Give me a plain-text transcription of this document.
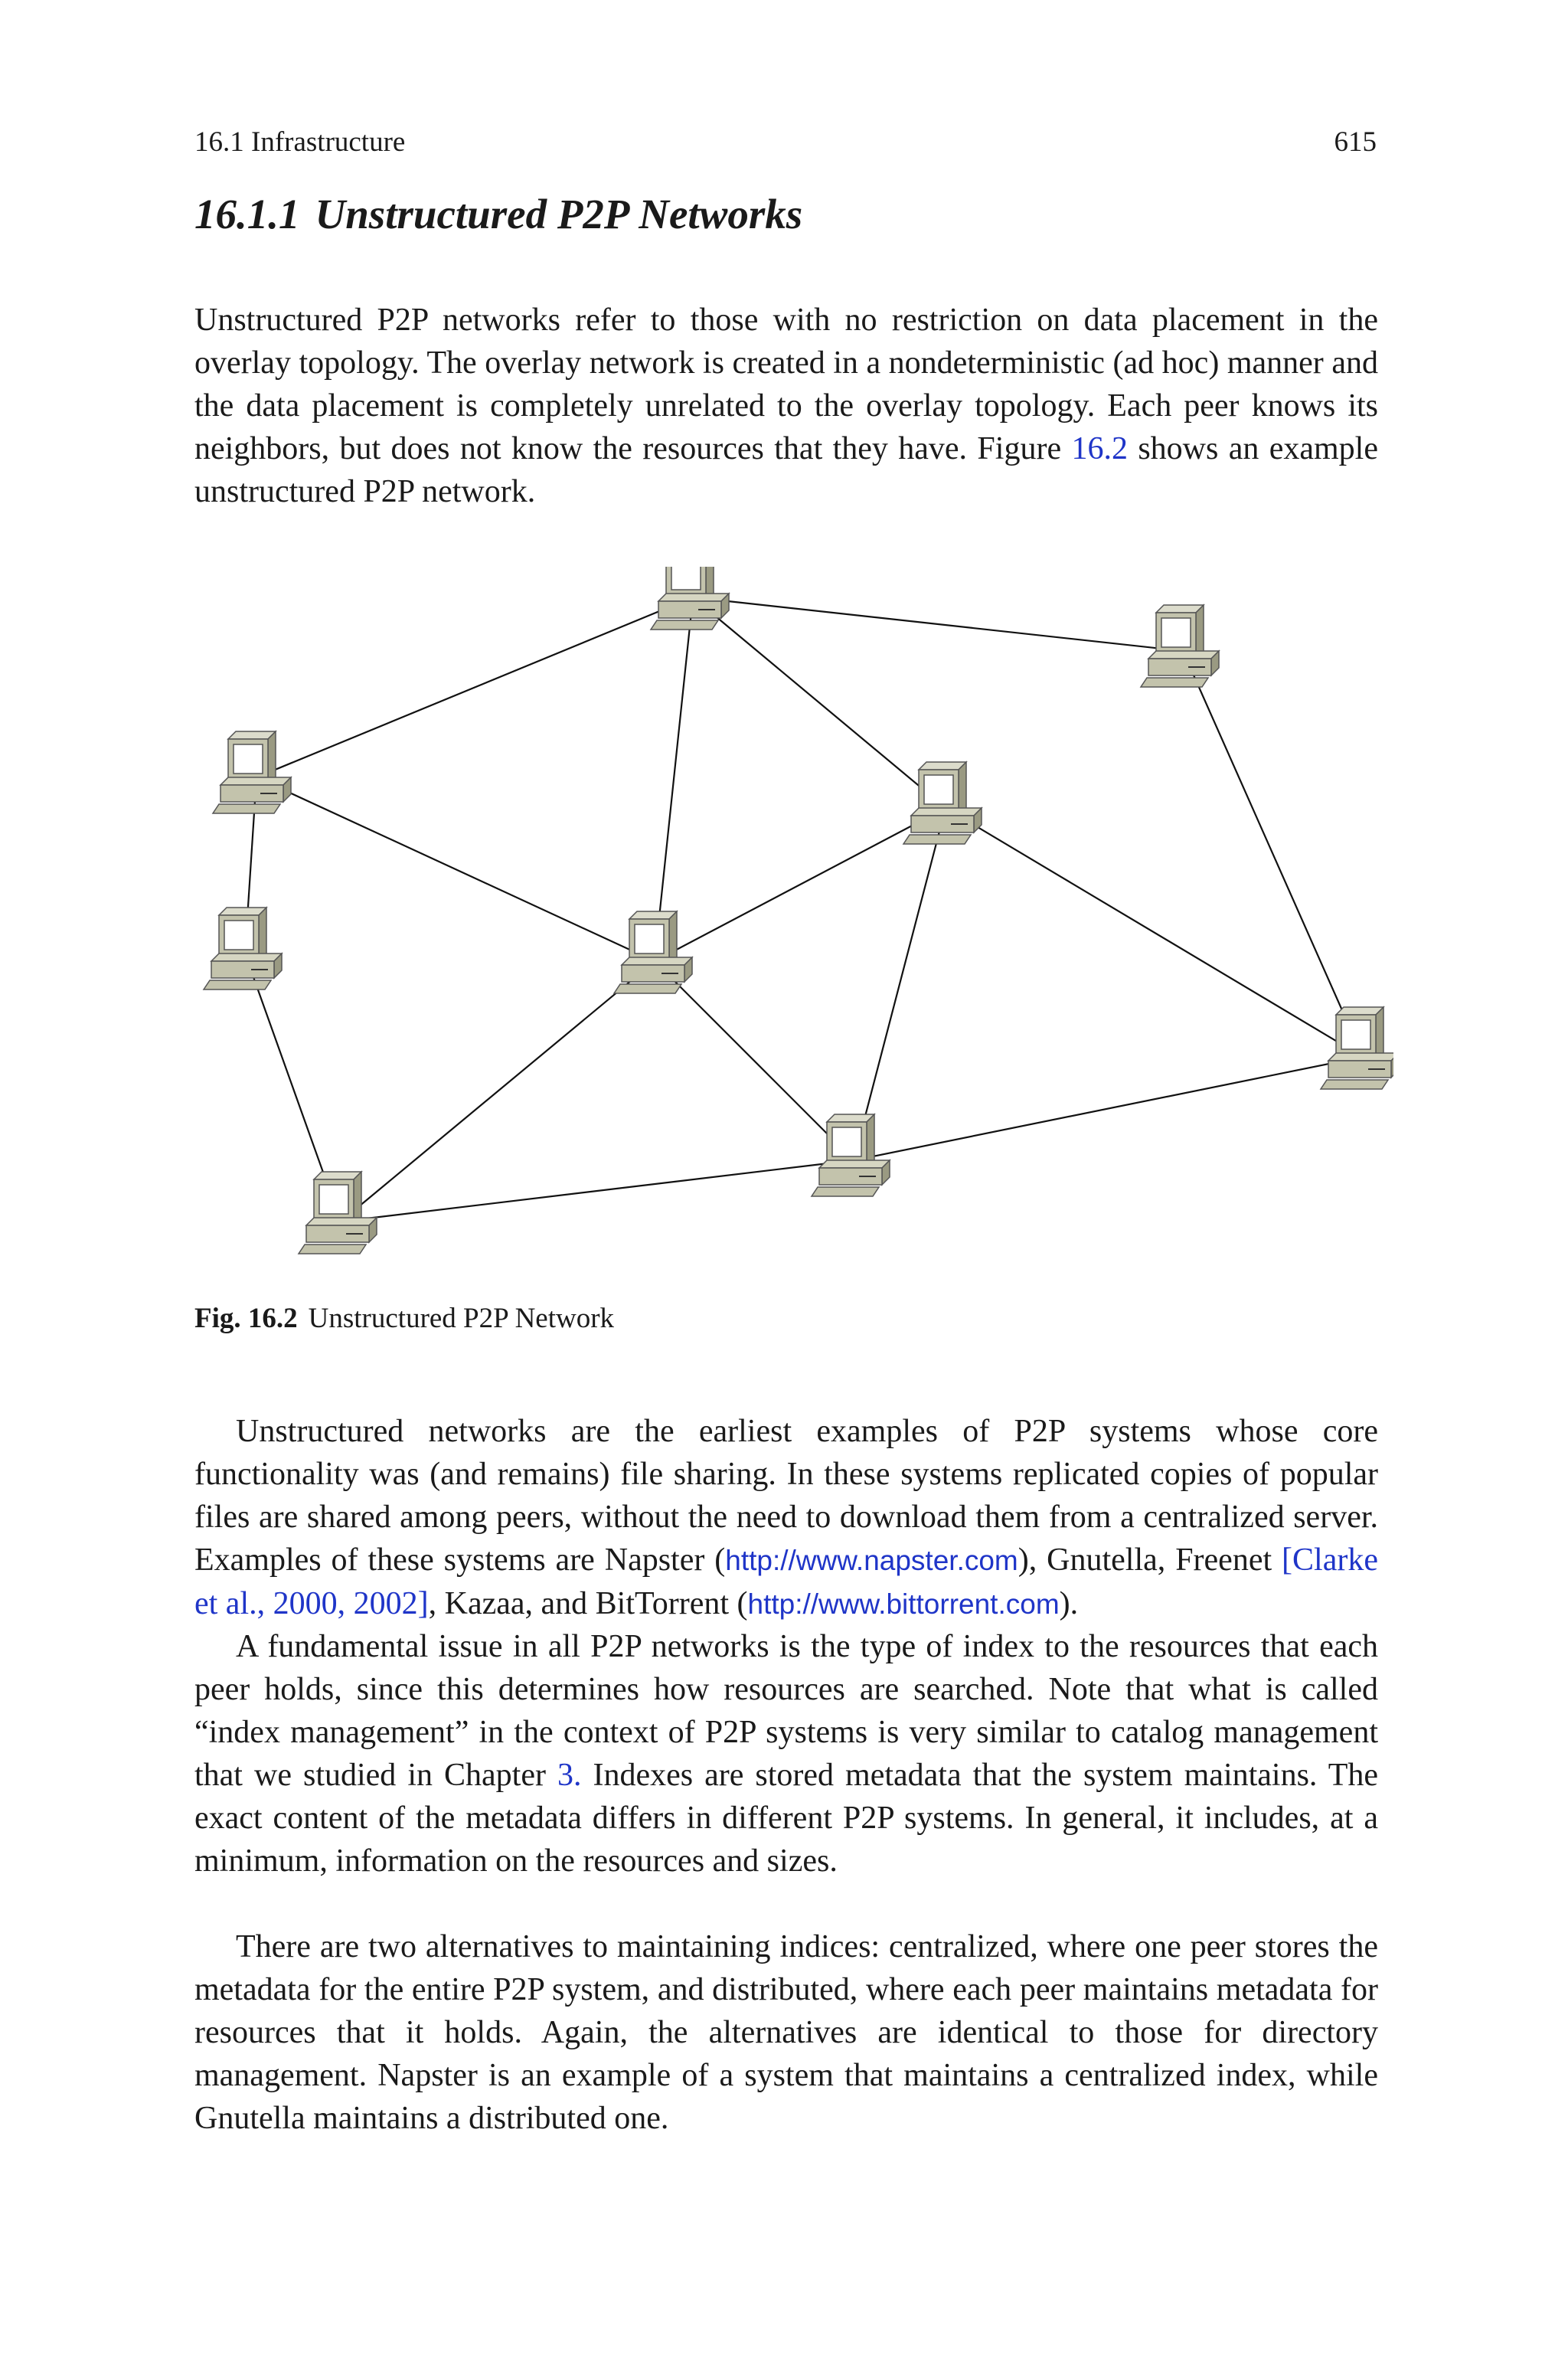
16.1 Infrastructure	615
16.1.1 Unstructured P2P Networks

Unstructured P2P networks refer to those with no restriction on data placement in the overlay topology. The overlay network is created in a nondeterministic (ad hoc) manner and the data placement is completely unrelated to the overlay topology. Each peer knows its neighbors, but does not know the resources that they have. Figure 16.2 shows an example unstructured P2P network.

Fig. 16.2 Unstructured P2P Network

Unstructured networks are the earliest examples of P2P systems whose core functionality was (and remains) file sharing. In these systems replicated copies of popular files are shared among peers, without the need to download them from a centralized server. Examples of these systems are Napster (http://www.napster.com), Gnutella, Freenet [Clarke et al., 2000, 2002], Kazaa, and BitTorrent (http://www.bittorrent.com).

A fundamental issue in all P2P networks is the type of index to the resources that each peer holds, since this determines how resources are searched. Note that what is called “index management” in the context of P2P systems is very similar to catalog management that we studied in Chapter 3. Indexes are stored metadata that the system maintains. The exact content of the metadata differs in different P2P systems. In general, it includes, at a minimum, information on the resources and sizes.

There are two alternatives to maintaining indices: centralized, where one peer stores the metadata for the entire P2P system, and distributed, where each peer maintains metadata for resources that it holds. Again, the alternatives are identical to those for directory management. Napster is an example of a system that maintains a centralized index, while Gnutella maintains a distributed one.
